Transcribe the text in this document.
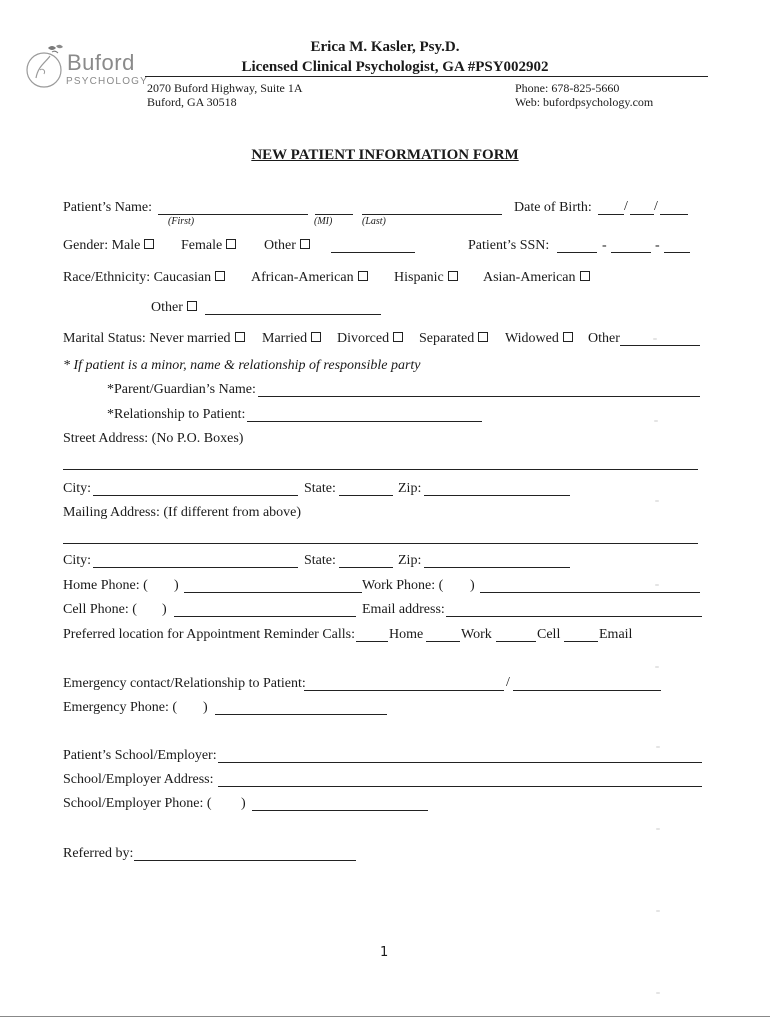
Buford
PSYCHOLOGY
Erica M. Kasler, Psy.D.
Licensed Clinical Psychologist, GA #PSY002902
2070 Buford Highway, Suite 1A
Buford, GA 30518
Phone: 678-825-5660
Web: bufordpsychology.com
NEW PATIENT INFORMATION FORM
Patient’s Name:
(First)	(MI)	(Last)
Date of Birth: / /
Gender: Male	Female	Other	Patient’s SSN:	-	-
Race/Ethnicity: Caucasian	African-American	Hispanic	Asian-American
Other
Marital Status: Never married	Married	Divorced	Separated	Widowed	Other
* If patient is a minor, name & relationship of responsible party
*Parent/Guardian’s Name:
*Relationship to Patient:
Street Address: (No P.O. Boxes)
City:	State:	Zip:
Mailing Address: (If different from above)
City:	State:	Zip:
Home Phone: ( )	Work Phone: ( )
Cell Phone: ( )	Email address:
Preferred location for Appointment Reminder Calls: Home	Work	Cell	Email
Emergency contact/Relationship to Patient:	/
Emergency Phone: ( )
Patient’s School/Employer:
School/Employer Address:
School/Employer Phone: ( )
Referred by:
1
